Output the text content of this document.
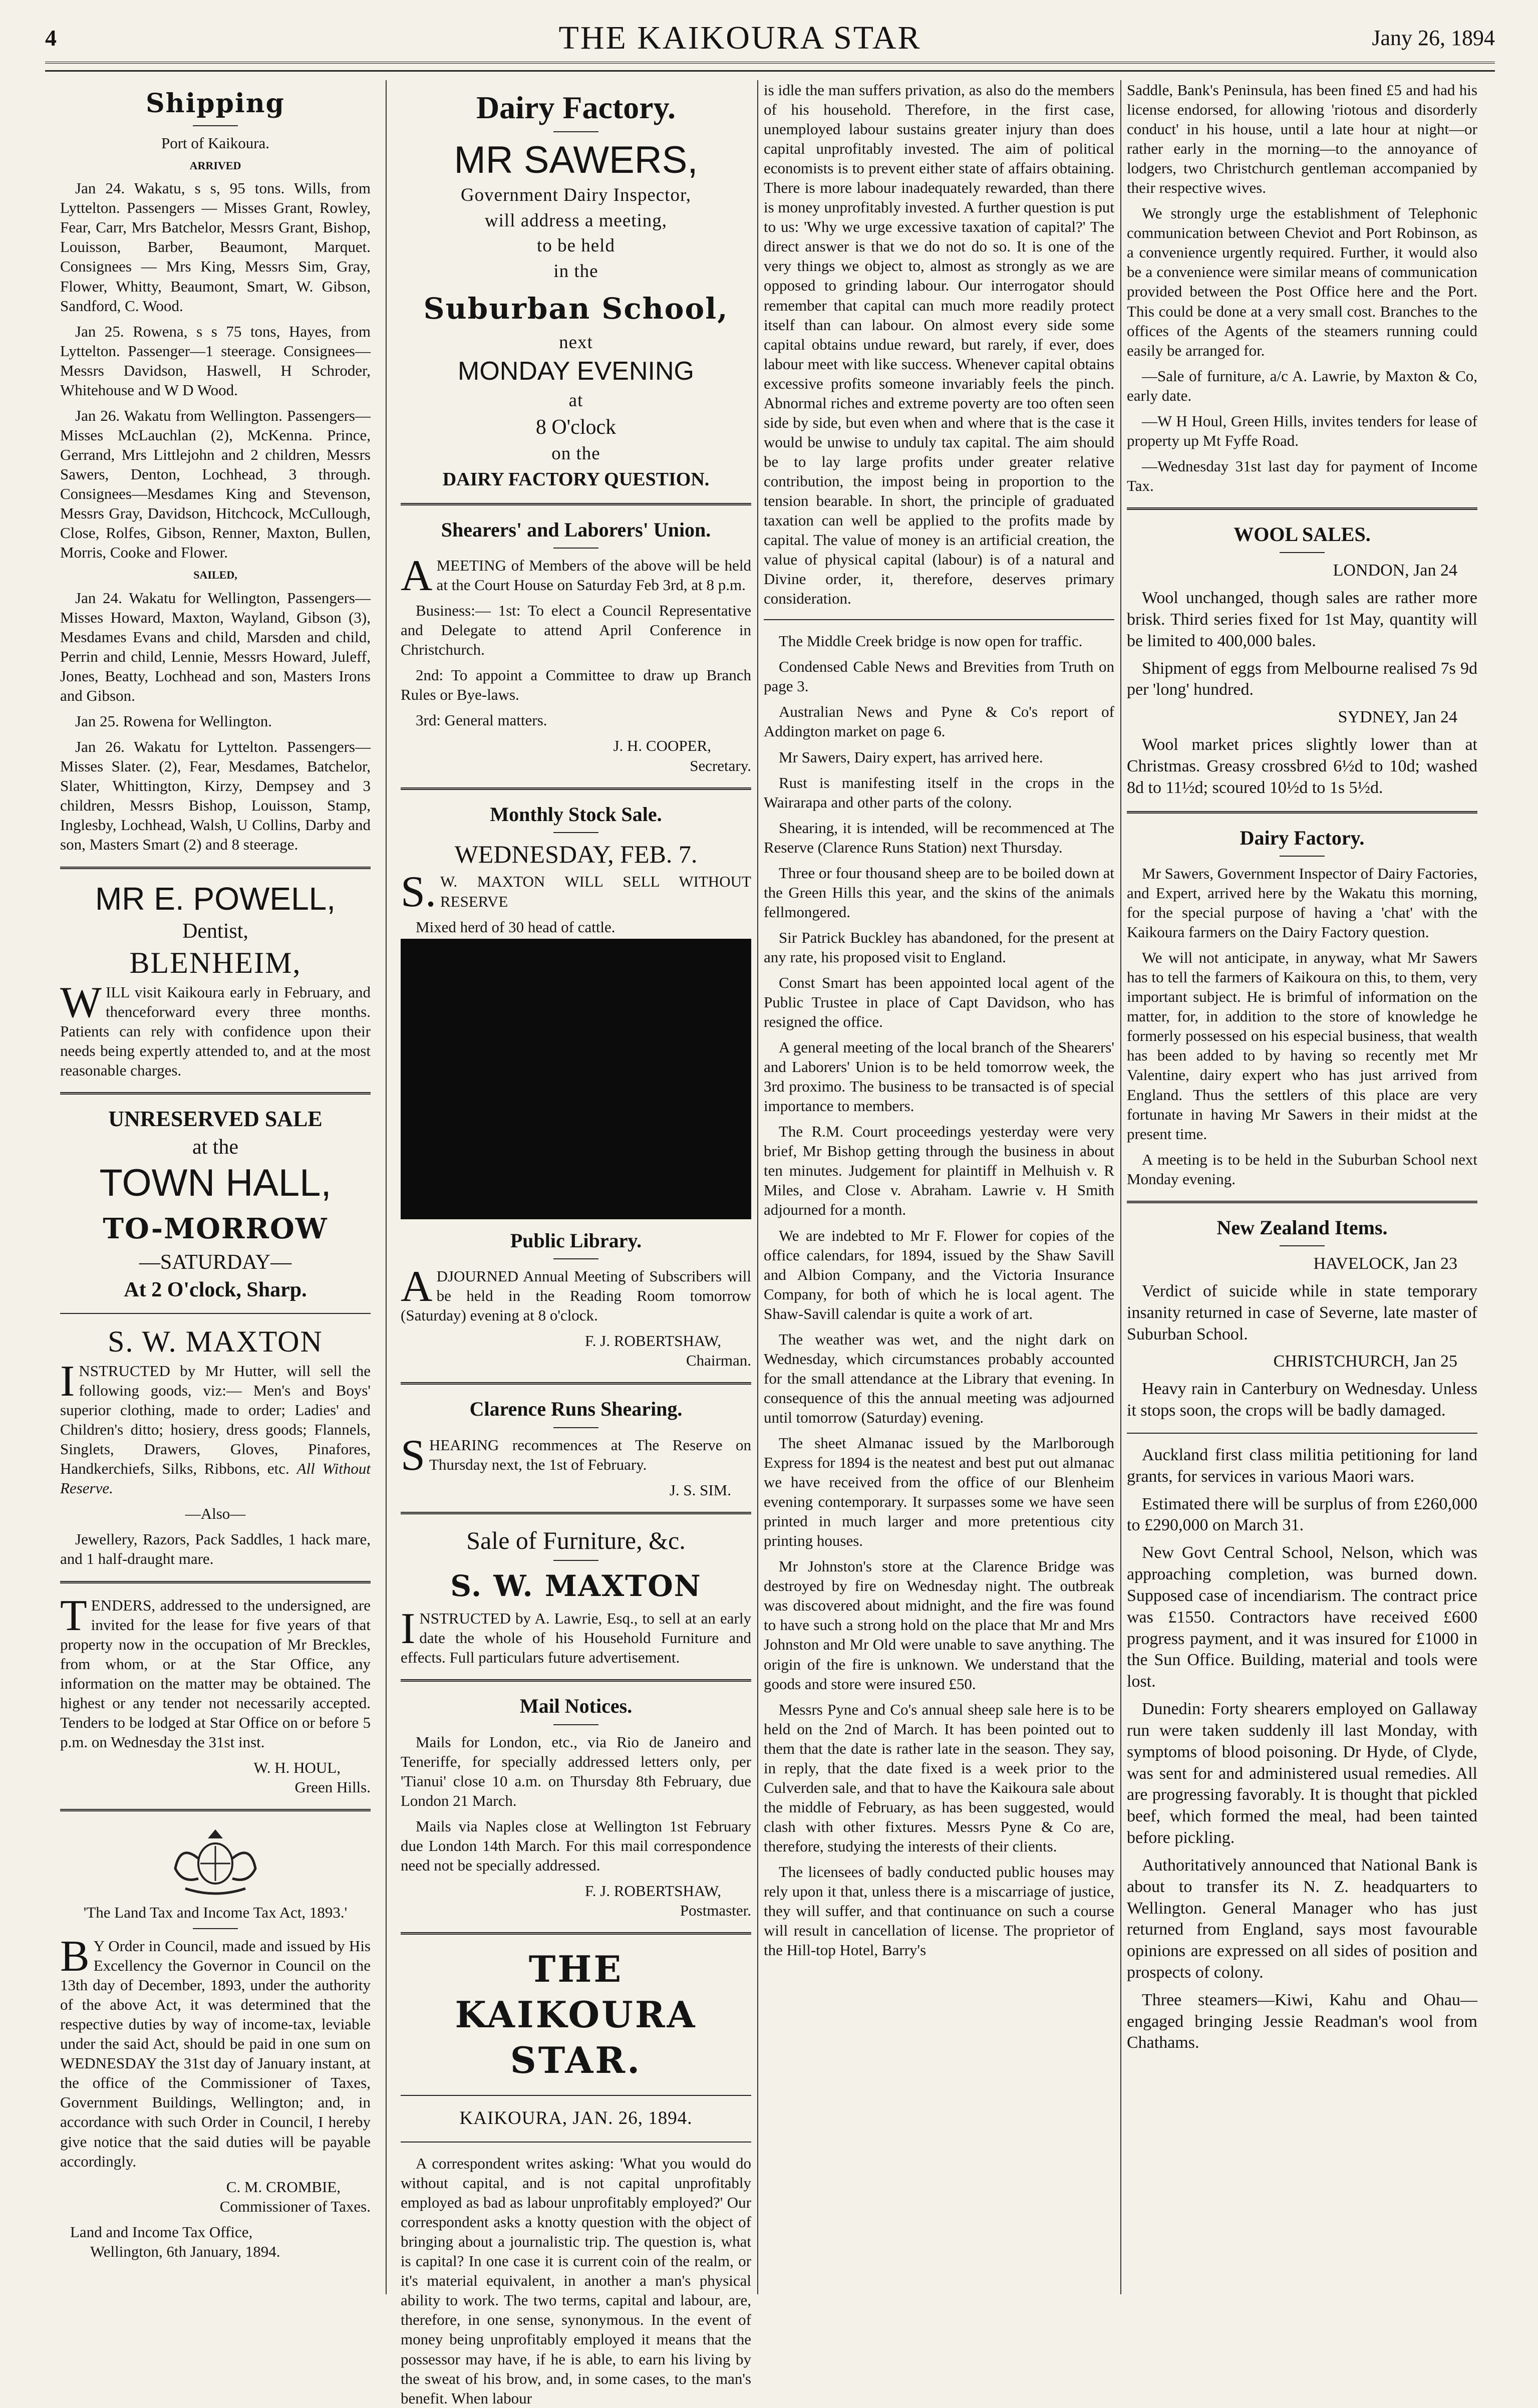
4	THE KAIKOURA STAR	Jany 26, 1894
Shipping

Port of Kaikoura.

ARRIVED

Jan 24. Wakatu, s s, 95 tons. Wills, from Lyttelton. Passengers — Misses Grant, Rowley, Fear, Carr, Mrs Batchelor, Messrs Grant, Bishop, Louisson, Barber, Beaumont, Marquet. Consignees — Mrs King, Messrs Sim, Gray, Flower, Whitty, Beaumont, Smart, W. Gibson, Sandford, C. Wood.

Jan 25. Rowena, s s 75 tons, Hayes, from Lyttelton. Passenger—1 steerage. Consignees—Messrs Davidson, Haswell, H Schroder, Whitehouse and W D Wood.

Jan 26. Wakatu from Wellington. Passengers—Misses McLauchlan (2), McKenna. Prince, Gerrand, Mrs Littlejohn and 2 children, Messrs Sawers, Denton, Lochhead, 3 through. Consignees—Mesdames King and Stevenson, Messrs Gray, Davidson, Hitchcock, McCullough, Close, Rolfes, Gibson, Renner, Maxton, Bullen, Morris, Cooke and Flower.

SAILED,

Jan 24. Wakatu for Wellington, Passengers—Misses Howard, Maxton, Wayland, Gibson (3), Mesdames Evans and child, Marsden and child, Perrin and child, Lennie, Messrs Howard, Juleff, Jones, Beatty, Lochhead and son, Masters Irons and Gibson.

Jan 25. Rowena for Wellington.

Jan 26. Wakatu for Lyttelton. Passengers—Misses Slater. (2), Fear, Mesdames, Batchelor, Slater, Whittington, Kirzy, Dempsey and 3 children, Messrs Bishop, Louisson, Stamp, Inglesby, Lochhead, Walsh, U Collins, Darby and son, Masters Smart (2) and 8 steerage.

MR E. POWELL,
Dentist,
BLENHEIM,

WILL visit Kaikoura early in February, and thenceforward every three months. Patients can rely with confidence upon their needs being expertly attended to, and at the most reasonable charges.

UNRESERVED SALE
at the
TOWN HALL,
TO-MORROW
—SATURDAY—
At 2 O'clock, Sharp.
S. W. MAXTON

INSTRUCTED by Mr Hutter, will sell the following goods, viz:— Men's and Boys' superior clothing, made to order; Ladies' and Children's ditto; hosiery, dress goods; Flannels, Singlets, Drawers, Gloves, Pinafores, Handkerchiefs, Silks, Ribbons, etc. All Without Reserve.

—Also—

Jewellery, Razors, Pack Saddles, 1 hack mare, and 1 half-draught mare.

TENDERS, addressed to the undersigned, are invited for the lease for five years of that property now in the occupation of Mr Breckles, from whom, or at the Star Office, any information on the matter may be obtained. The highest or any tender not necessarily accepted. Tenders to be lodged at Star Office on or before 5 p.m. on Wednesday the 31st inst.

W. H. HOUL,

Green Hills.

'The Land Tax and Income Tax Act, 1893.'

BY Order in Council, made and issued by His Excellency the Governor in Council on the 13th day of December, 1893, under the authority of the above Act, it was determined that the respective duties by way of income-tax, leviable under the said Act, should be paid in one sum on WEDNESDAY the 31st day of January instant, at the office of the Commissioner of Taxes, Government Buildings, Wellington; and, in accordance with such Order in Council, I hereby give notice that the said duties will be payable accordingly.

C. M. CROMBIE,

Commissioner of Taxes.

Land and Income Tax Office,

Wellington, 6th January, 1894.

Dairy Factory.
MR SAWERS,
Government Dairy Inspector,
will address a meeting,
to be held
in the
Suburban School,
next
MONDAY EVENING
at
8 O'clock
on the
DAIRY FACTORY QUESTION.
Shearers' and Laborers' Union.

AMEETING of Members of the above will be held at the Court House on Saturday Feb 3rd, at 8 p.m.

Business:— 1st: To elect a Council Representative and Delegate to attend April Conference in Christchurch.

2nd: To appoint a Committee to draw up Branch Rules or Bye-laws.

3rd: General matters.

J. H. COOPER,

Secretary.

Monthly Stock Sale.
WEDNESDAY, FEB. 7.

S.W. MAXTON WILL SELL WITHOUT RESERVE

Mixed herd of 30 head of cattle.

Public Library.

ADJOURNED Annual Meeting of Subscribers will be held in the Reading Room tomorrow (Saturday) evening at 8 o'clock.

F. J. ROBERTSHAW,

Chairman.

Clarence Runs Shearing.

SHEARING recommences at The Reserve on Thursday next, the 1st of February.

J. S. SIM.

Sale of Furniture, &c.
S. W. MAXTON

INSTRUCTED by A. Lawrie, Esq., to sell at an early date the whole of his Household Furniture and effects. Full particulars future advertisement.

Mail Notices.

Mails for London, etc., via Rio de Janeiro and Teneriffe, for specially addressed letters only, per 'Tianui' close 10 a.m. on Thursday 8th February, due London 21 March.

Mails via Naples close at Wellington 1st February due London 14th March. For this mail correspondence need not be specially addressed.

F. J. ROBERTSHAW,

Postmaster.

THE KAIKOURA STAR.
KAIKOURA, JAN. 26, 1894.

A correspondent writes asking: 'What you would do without capital, and is not capital unprofitably employed as bad as labour unprofitably employed?' Our correspondent asks a knotty question with the object of bringing about a journalistic trip. The question is, what is capital? In one case it is current coin of the realm, or it's material equivalent, in another a man's physical ability to work. The two terms, capital and labour, are, therefore, in one sense, synonymous. In the event of money being unprofitably employed it means that the possessor may have, if he is able, to earn his living by the sweat of his brow, and, in some cases, to the man's benefit. When labour

is idle the man suffers privation, as also do the members of his household. Therefore, in the first case, unemployed labour sustains greater injury than does capital unprofitably invested. The aim of political economists is to prevent either state of affairs obtaining. There is more labour inadequately rewarded, than there is money unprofitably invested. A further question is put to us: 'Why we urge excessive taxation of capital?' The direct answer is that we do not do so. It is one of the very things we object to, almost as strongly as we are opposed to grinding labour. Our interrogator should remember that capital can much more readily protect itself than can labour. On almost every side some capital obtains undue reward, but rarely, if ever, does labour meet with like success. Whenever capital obtains excessive profits someone invariably feels the pinch. Abnormal riches and extreme poverty are too often seen side by side, but even when and where that is the case it would be unwise to unduly tax capital. The aim should be to lay large profits under greater relative contribution, the impost being in proportion to the tension bearable. In short, the principle of graduated taxation can well be applied to the profits made by capital. The value of money is an artificial creation, the value of physical capital (labour) is of a natural and Divine order, it, therefore, deserves primary consideration.

The Middle Creek bridge is now open for traffic.

Condensed Cable News and Brevities from Truth on page 3.

Australian News and Pyne & Co's report of Addington market on page 6.

Mr Sawers, Dairy expert, has arrived here.

Rust is manifesting itself in the crops in the Wairarapa and other parts of the colony.

Shearing, it is intended, will be recommenced at The Reserve (Clarence Runs Station) next Thursday.

Three or four thousand sheep are to be boiled down at the Green Hills this year, and the skins of the animals fellmongered.

Sir Patrick Buckley has abandoned, for the present at any rate, his proposed visit to England.

Const Smart has been appointed local agent of the Public Trustee in place of Capt Davidson, who has resigned the office.

A general meeting of the local branch of the Shearers' and Laborers' Union is to be held tomorrow week, the 3rd proximo. The business to be transacted is of special importance to members.

The R.M. Court proceedings yesterday were very brief, Mr Bishop getting through the business in about ten minutes. Judgement for plaintiff in Melhuish v. R Miles, and Close v. Abraham. Lawrie v. H Smith adjourned for a month.

We are indebted to Mr F. Flower for copies of the office calendars, for 1894, issued by the Shaw Savill and Albion Company, and the Victoria Insurance Company, for both of which he is local agent. The Shaw-Savill calendar is quite a work of art.

The weather was wet, and the night dark on Wednesday, which circumstances probably accounted for the small attendance at the Library that evening. In consequence of this the annual meeting was adjourned until tomorrow (Saturday) evening.

The sheet Almanac issued by the Marlborough Express for 1894 is the neatest and best put out almanac we have received from the office of our Blenheim evening contemporary. It surpasses some we have seen printed in much larger and more pretentious city printing houses.

Mr Johnston's store at the Clarence Bridge was destroyed by fire on Wednesday night. The outbreak was discovered about midnight, and the fire was found to have such a strong hold on the place that Mr and Mrs Johnston and Mr Old were unable to save anything. The origin of the fire is unknown. We understand that the goods and store were insured £50.

Messrs Pyne and Co's annual sheep sale here is to be held on the 2nd of March. It has been pointed out to them that the date is rather late in the season. They say, in reply, that the date fixed is a week prior to the Culverden sale, and that to have the Kaikoura sale about the middle of February, as has been suggested, would clash with other fixtures. Messrs Pyne & Co are, therefore, studying the interests of their clients.

The licensees of badly conducted public houses may rely upon it that, unless there is a miscarriage of justice, they will suffer, and that continuance on such a course will result in cancellation of license. The proprietor of the Hill-top Hotel, Barry's

Saddle, Bank's Peninsula, has been fined £5 and had his license endorsed, for allowing 'riotous and disorderly conduct' in his house, until a late hour at night—or rather early in the morning—to the annoyance of lodgers, two Christchurch gentleman accompanied by their respective wives.

We strongly urge the establishment of Telephonic communication between Cheviot and Port Robinson, as a convenience urgently required. Further, it would also be a convenience were similar means of communication provided between the Post Office here and the Port. This could be done at a very small cost. Branches to the offices of the Agents of the steamers running could easily be arranged for.

—Sale of furniture, a/c A. Lawrie, by Maxton & Co, early date.

—W H Houl, Green Hills, invites tenders for lease of property up Mt Fyffe Road.

—Wednesday 31st last day for payment of Income Tax.

WOOL SALES.

LONDON, Jan 24

Wool unchanged, though sales are rather more brisk. Third series fixed for 1st May, quantity will be limited to 400,000 bales.

Shipment of eggs from Melbourne realised 7s 9d per 'long' hundred.

SYDNEY, Jan 24

Wool market prices slightly lower than at Christmas. Greasy crossbred 6½d to 10d; washed 8d to 11½d; scoured 10½d to 1s 5½d.

Dairy Factory.

Mr Sawers, Government Inspector of Dairy Factories, and Expert, arrived here by the Wakatu this morning, for the special purpose of having a 'chat' with the Kaikoura farmers on the Dairy Factory question.

We will not anticipate, in anyway, what Mr Sawers has to tell the farmers of Kaikoura on this, to them, very important subject. He is brimful of information on the matter, for, in addition to the store of knowledge he formerly possessed on his especial business, that wealth has been added to by having so recently met Mr Valentine, dairy expert who has just arrived from England. Thus the settlers of this place are very fortunate in having Mr Sawers in their midst at the present time.

A meeting is to be held in the Suburban School next Monday evening.

New Zealand Items.

HAVELOCK, Jan 23

Verdict of suicide while in state temporary insanity returned in case of Severne, late master of Suburban School.

CHRISTCHURCH, Jan 25

Heavy rain in Canterbury on Wednesday. Unless it stops soon, the crops will be badly damaged.

Auckland first class militia petitioning for land grants, for services in various Maori wars.

Estimated there will be surplus of from £260,000 to £290,000 on March 31.

New Govt Central School, Nelson, which was approaching completion, was burned down. Supposed case of incendiarism. The contract price was £1550. Contractors have received £600 progress payment, and it was insured for £1000 in the Sun Office. Building, material and tools were lost.

Dunedin: Forty shearers employed on Gallaway run were taken suddenly ill last Monday, with symptoms of blood poisoning. Dr Hyde, of Clyde, was sent for and administered usual remedies. All are progressing favorably. It is thought that pickled beef, which formed the meal, had been tainted before pickling.

Authoritatively announced that National Bank is about to transfer its N. Z. headquarters to Wellington. General Manager who has just returned from England, says most favourable opinions are expressed on all sides of position and prospects of colony.

Three steamers—Kiwi, Kahu and Ohau—engaged bringing Jessie Readman's wool from Chathams.
